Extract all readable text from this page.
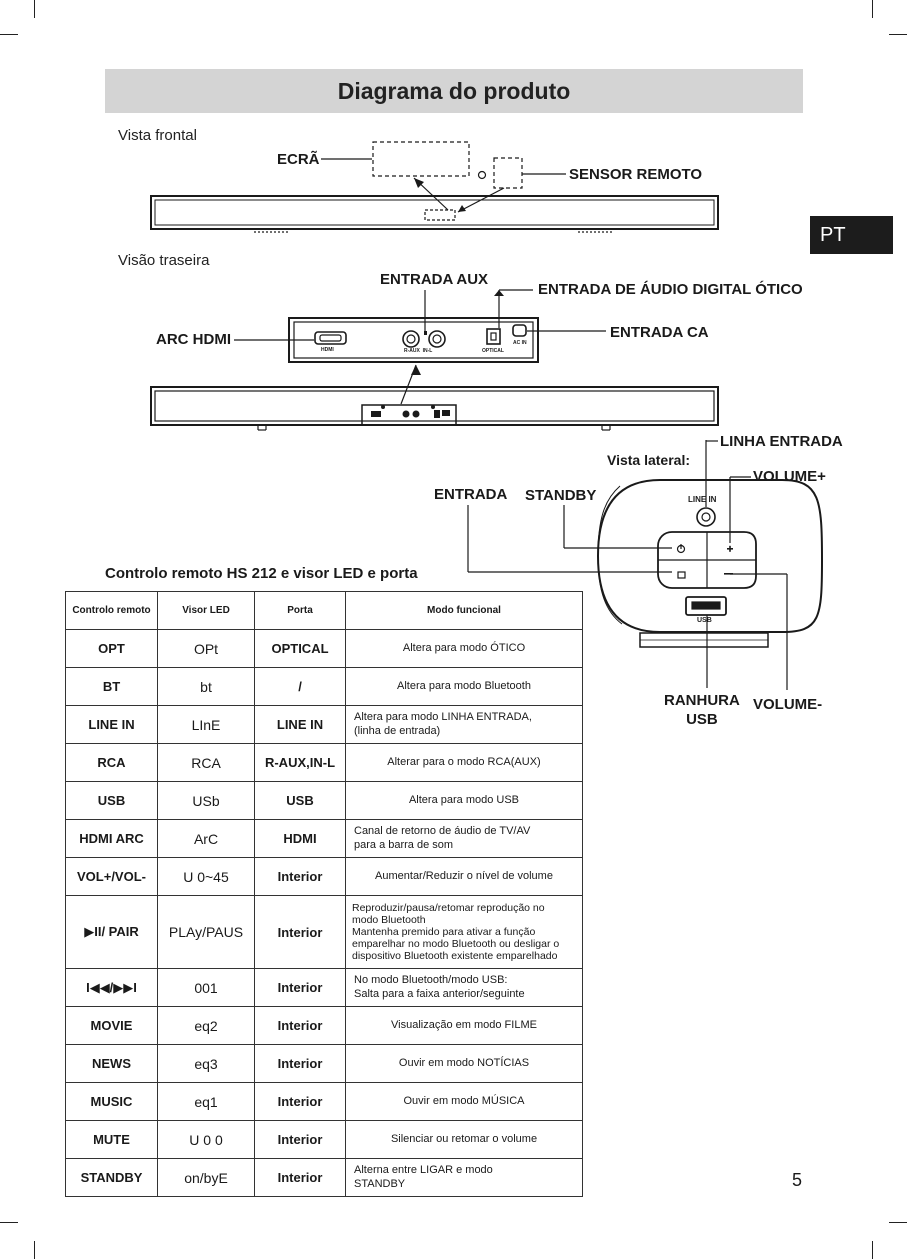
Diagrama do produto
PT
Vista frontal
ECRÃ
SENSOR REMOTO
Visão traseira
ENTRADA AUX
ENTRADA DE ÁUDIO DIGITAL ÓTICO
ARC HDMI	ENTRADA CA
HDMI	R-AUX  IN-L	OPTICAL
AC IN
Vista lateral:
LINHA ENTRADA
VOLUME+
ENTRADA STANDBY
RANHURA
USB
VOLUME-
LINE IN
USB
Controlo remoto HS 212 e visor LED e porta
Controlo remoto	Visor LED	Porta	Modo funcional
OPT	OPt	OPTICAL	Altera para modo ÓTICO
BT	bt	/	Altera para modo Bluetooth
LINE IN	LInE	LINE IN	Altera para modo LINHA ENTRADA,
(linha de entrada)
RCA	RCA	R-AUX,IN-L	Alterar para o modo RCA(AUX)
USB	USb	USB	Altera para modo USB
HDMI ARC	ArC	HDMI	Canal de retorno de áudio de TV/AV
para a barra de som
VOL+/VOL-	U 0~45	Interior	Aumentar/Reduzir o nível de volume
▶II/ PAIR	PLAy/PAUS	Interior	Reproduzir/pausa/retomar reprodução no
modo Bluetooth
Mantenha premido para ativar a função
emparelhar no modo Bluetooth ou desligar o
dispositivo Bluetooth existente emparelhado
I◀◀/▶▶I	001	Interior	No modo Bluetooth/modo USB:
Salta para a faixa anterior/seguinte
MOVIE	eq2	Interior	Visualização em modo FILME
NEWS	eq3	Interior	Ouvir em modo NOTÍCIAS
MUSIC	eq1	Interior	Ouvir em modo MÚSICA
MUTE	U 0 0	Interior	Silenciar ou retomar o volume
STANDBY	on/byE	Interior	Alterna entre LIGAR e modo
STANDBY	5
